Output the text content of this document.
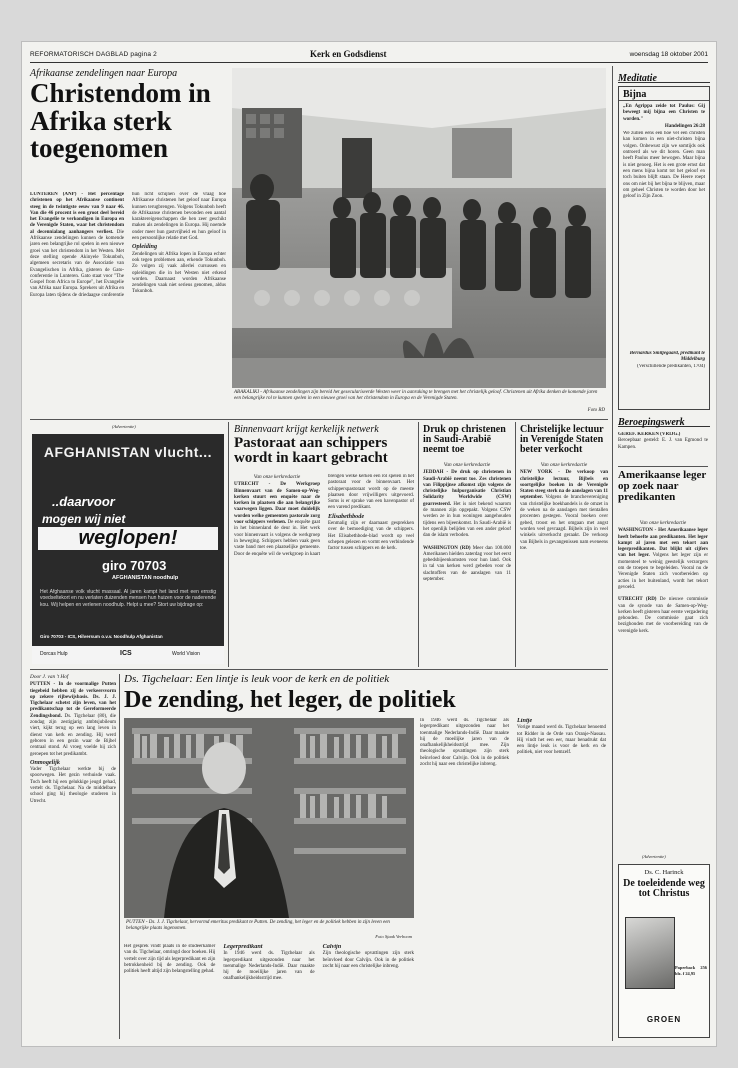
REFORMATORISCH DAGBLAD pagina 2	Kerk en Godsdienst	woensdag 18 oktober 2001
Afrikaanse zendelingen naar Europa
Christendom in Afrika sterk toegenomen
LUNTEREN (ANP) - Het percentage christenen op het Afrikaanse continent steeg in de twintigste eeuw van 9 naar 46. Van die 46 procent is een groot deel bereid het Evangelie te verkondigen in Europa en de Verenigde Staten, waar het christendom al decennialang aanhangers verliest. Die Afrikaanse zendelingen kunnen de komende jaren een belangrijke rol spelen in een nieuwe groei van het christendom in het Westen. Met deze stelling opende Akinyele Tokunboh, algemeen secretaris van de Associatie van Evangelischen in Afrika, gisteren de Gato-conferentie in Lunteren. Gato staat voor "The Gospel from Africa to Europe", het Evangelie van Afrika naar Europa. Sprekers uit Afrika en Europa laten tijdens de driedaagse conferentie hun licht schijnen over de vraag hoe Afrikaanse christenen het geloof naar Europa kunnen terugbrengen. Volgens Tokunboh heeft de Afrikaanse christenen bevonden een aantal karaktereigenschappen die hen zeer geschikt maken als zendelingen in Europa. Hij noemde onder meer hun gastvrijheid en hun geloof in een persoonlijke relatie met God.
Opleiding
Zendelingen uit Afrika lopen in Europa echter ook tegen problemen aan, erkende Tokunboh. Zo volgen zij vaak allerlei cursussen en opleidingen die in het Westen niet erkend worden. Daarnaast worden Afrikaanse zendelingen vaak niet serieus genomen, aldus Tokunboh.
ABAKALIKI - Afrikaanse zendelingen zijn bereid het geseculariseerde Westen weer in aanraking te brengen met het christelijk geloof. Christenen uit Afrika denken de komende jaren een belangrijke rol te kunnen spelen in een nieuwe groei van het christendom in Europa en de Verenigde Staten.
Foto RD
(Advertentie)
AFGHANISTAN vlucht...
..daarvoor
mogen wij niet
weglopen!
giro 70703
AFGHANISTAN noodhulp
Het Afghaanse volk vlucht massaal. Al jaren kampt het land met een ernstig voedseltekort en nu verlaten duizenden mensen hun huizen voor de naderende kou. Wij helpen en verlenen noodhulp. Helpt u mee? Stort uw bijdrage op:
Giro 70703 - ICS, Hilversum o.v.v. Noodhulp Afghanistan
Dorcas Hulp	ICS	World Vision
Binnenvaart krijgt kerkelijk netwerk
Pastoraat aan schippers wordt in kaart gebracht
Van onze kerkredactie
UTRECHT - De Werkgroep Binnenvaart van de Samen-op-Weg-kerken stuurt een enquête naar de kerken in plaatsen die aan belangrijke vaarwegen liggen. Daar moet duidelijk worden welke gemeenten pastorale zorg voor schippers verlenen. De enquête gaat in het binnenland de deur in. Het werk voor binnenvaart is volgens de werkgroep in beweging. Schippers hebben vaak geen vaste band met een plaatselijke gemeente. Door de enquête wil de werkgroep in kaart brengen welke kerken een rol spelen in het pastoraat voor de binnenvaart. Het schipperspastoraat wordt op de meeste plaatsen door vrijwilligers uitgevoerd. Soms is er sprake van een havenpastor of een varend predikant.
Elisabethbode
Eenmalig zijn er daarnaast gesprekken over de bemoediging van de schippers. Het Elisabethbode-blad wordt op veel schepen gelezen en vormt een verbindende factor tussen schippers en de kerk.
Druk op christenen in Saudi-Arabië neemt toe
Van onze kerkredactie
JEDDAH - De druk op christenen in Saudi-Arabië neemt toe. Zes christenen van Filippijnse afkomst zijn volgens de christelijke hulporganisatie Christian Solidarity Worldwide (CSW) gearresteerd. Het is niet bekend waarom de mannen zijn opgepakt. Volgens CSW werden ze in hun woningen aangehouden tijdens een bijeenkomst. In Saudi-Arabië is het openlijk belijden van een ander geloof dan de islam verboden.
WASHINGTON (RD) Meer dan 100.000 Amerikanen hielden zaterdag voor het eerst gebedsbijeenkomsten voor hun land. Ook in tal van kerken werd gebeden voor de slachtoffers van de aanslagen van 11 september.
Christelijke lectuur in Verenigde Staten beter verkocht
Van onze kerkredactie
NEW YORK - De verkoop van christelijke lectuur, Bijbels en soortgelijke boeken in de Verenigde Staten steeg sterk na de aanslagen van 11 september. Volgens de branchevereniging van christelijke boekhandels is de omzet in de weken na de aanslagen met tientallen procenten gestegen. Vooral boeken over gebed, troost en het omgaan met angst worden veel gevraagd. Bijbels zijn in veel winkels uitverkocht geraakt. De verkoop van Bijbels in gevangenissen nam eveneens toe.
Door J. van 't Hof
PUTTEN - In de voormalige Putten tiegebeid hebben zij de verkeersvorm op zekere rijbewijsbasis. Ds. J. J. Tigchelaar schetst zijn leven, van het predikantschap tot de Gereformeerde Zendingsbond. Ds. Tigchelaar (80), die zondag zijn zestigjarig ambtsjubileum viert, kijkt terug op een lang leven in dienst van kerk en zending. Hij werd geboren in een gezin waar de Bijbel centraal stond. Al vroeg voelde hij zich geroepen tot het predikambt.
Onmogelijk
Vader Tigchelaar werkte bij de spoorwegen. Het gezin verhuisde vaak. Toch heeft hij een gelukkige jeugd gehad, vertelt ds. Tigchelaar. Na de middelbare school ging hij theologie studeren in Utrecht.
Ds. Tigchelaar: Een lintje is leuk voor de kerk en de politiek
De zending, het leger, de politiek
PUTTEN - Ds. J. J. Tigchelaar, hervormd emeritus predikant te Putten. De zending, het leger en de politiek hebben in zijn leven een belangrijke plaats ingenomen.
Foto Sjaak Verboom
Het gesprek vindt plaats in de studeerkamer van ds. Tigchelaar, omringd door boeken. Hij vertelt over zijn tijd als legerpredikant en zijn betrokkenheid bij de zending. Ook de politiek heeft altijd zijn belangstelling gehad.
Legerpredikant
In 1946 werd ds. Tigchelaar als legerpredikant uitgezonden naar het toenmalige Nederlands-Indië. Daar maakte hij de moeilijke jaren van de onafhankelijkheidsstrijd mee.
Calvijn
Zijn theologische opvattingen zijn sterk beïnvloed door Calvijn. Ook in de politiek zocht hij naar een christelijke inbreng.
In 1946 werd ds. Tigchelaar als legerpredikant uitgezonden naar het toenmalige Nederlands-Indië. Daar maakte hij de moeilijke jaren van de onafhankelijkheidsstrijd mee. Zijn theologische opvattingen zijn sterk beïnvloed door Calvijn. Ook in de politiek zocht hij naar een christelijke inbreng.
Lintje
Vorige maand werd ds. Tigchelaar benoemd tot Ridder in de Orde van Oranje-Nassau. Hij vindt het een eer, maar benadrukt dat een lintje leuk is voor de kerk en de politiek, niet voor hemzelf.
Meditatie
Bijna
„En Agrippa zeide tot Paulus: Gij beweegt mij bijna een Christen te worden."
Handelingen 26:28
We zullen eens een hoe vel een christen kan komen in een niet-christen bijna volgen. Onbewust zijn we somtijds ook ontroerd als we dit horen. Geen man heeft Paulus meer bewogen. Maar bijna is niet genoeg. Het is een grote ernst dat een mens bijna komt tot het geloof en toch buiten blijft staan. De Heere roept ons om niet bij het bijna te blijven, maar om geheel Christen te worden door het geloof in Zijn Zoon.
Bernardus Smitjegaard, predikant te Middelburg
(Verschillende predikanten, 1704)
Beroepingswerk
GEREF. KERKEN (VRIJG.)
Beroepbaar gesteld: E. J. van Egmond te Kampen.
Amerikaanse leger op zoek naar predikanten
Van onze kerkredactie
WASHINGTON - Het Amerikaanse leger heeft behoefte aan predikanten. Het leger kampt al jaren met een tekort aan legerpredikanten. Dat blijkt uit cijfers van het leger. Volgens het leger zijn er momenteel te weinig geestelijk verzorgers om de troepen te begeleiden. Vooral nu de Verenigde Staten zich voorbereiden op acties in het buitenland, wordt het tekort gevoeld.
UTRECHT (RD) De nieuwe commissie van de synode van de Samen-op-Weg-kerken heeft gisteren haar eerste vergadering gehouden. De commissie gaat zich bezighouden met de voorbereiding van de verenigde kerk.
(Advertentie)
Ds. C. Harinck
De toeleidende weg tot Christus
Paperback 256 blz. f 24,95
GROEN
